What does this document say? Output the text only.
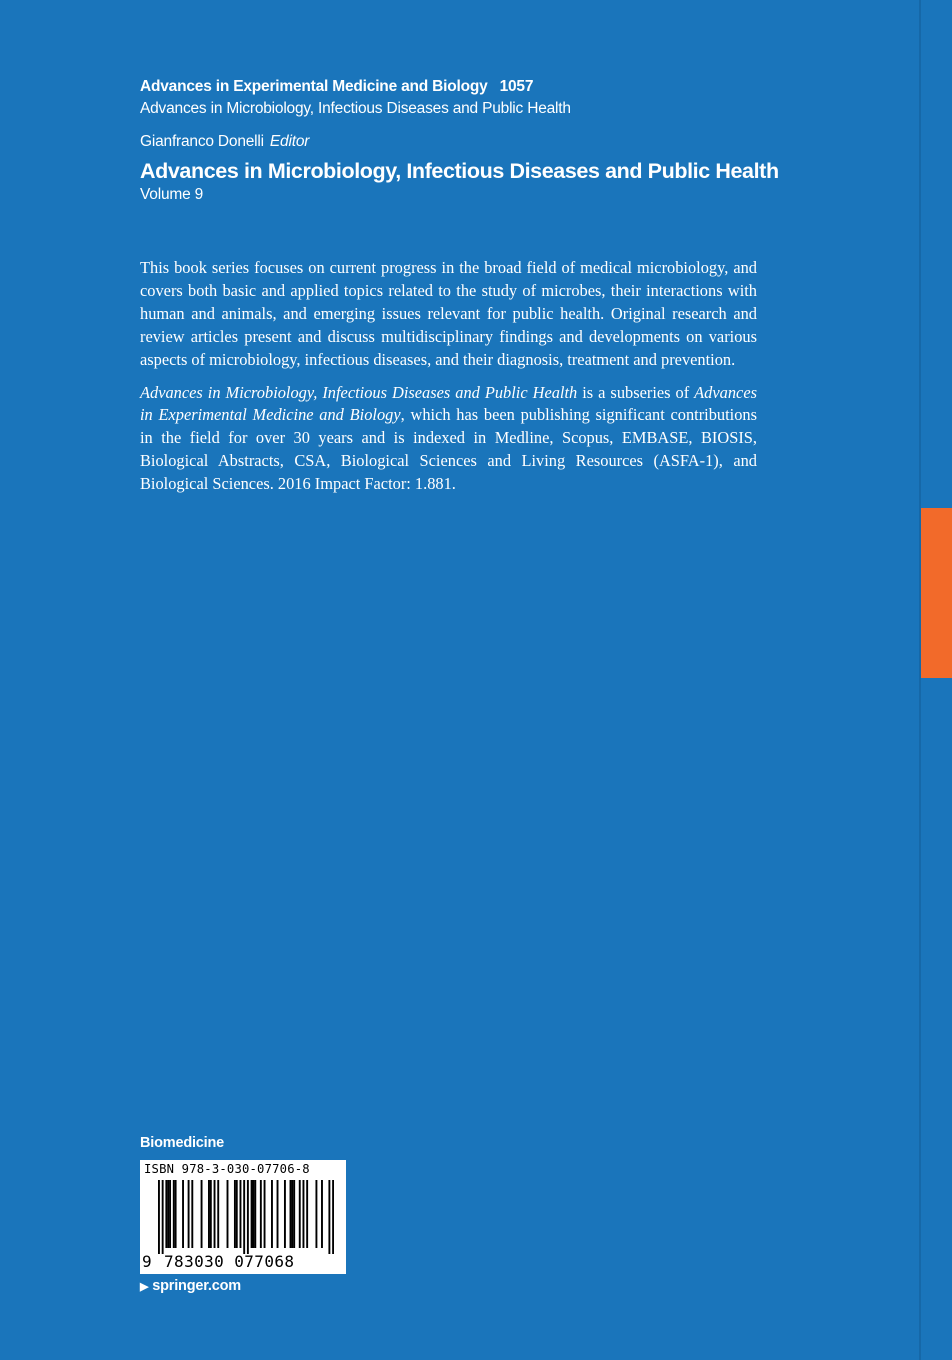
Advances in Experimental Medicine and Biology 1057
Advances in Microbiology, Infectious Diseases and Public Health
Gianfranco Donelli Editor
Advances in Microbiology, Infectious Diseases and Public Health
Volume 9

This book series focuses on current progress in the broad field of medical microbiology, and covers both basic and applied topics related to the study of microbes, their interactions with human and animals, and emerging issues relevant for public health. Original research and review articles present and discuss multidisciplinary findings and developments on various aspects of microbiology, infectious diseases, and their diagnosis, treatment and prevention.

Advances in Microbiology, Infectious Diseases and Public Health is a subseries of Advances in Experimental Medicine and Biology, which has been publishing significant contributions in the field for over 30 years and is indexed in Medline, Scopus, EMBASE, BIOSIS, Biological Abstracts, CSA, Biological Sciences and Living Resources (ASFA-1), and Biological Sciences. 2016 Impact Factor: 1.881.

Biomedicine
ISBN 978-3-030-07706-8
9 783030 077068
▶ springer.com
